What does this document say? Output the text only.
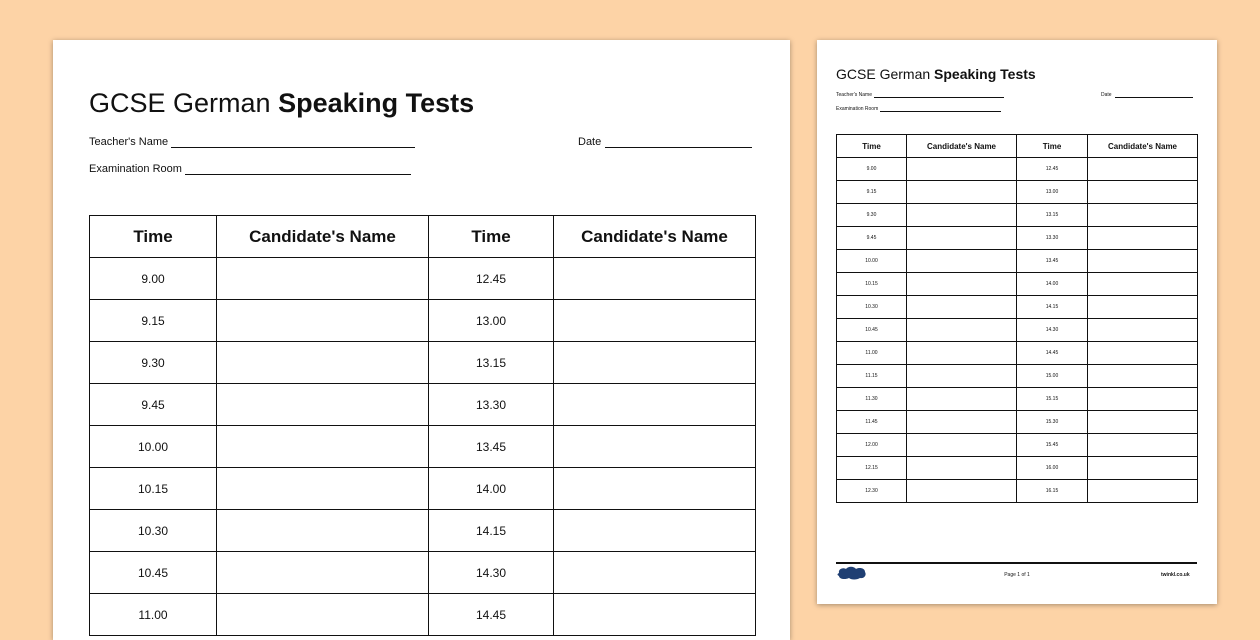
GCSE German Speaking Tests
Teacher's Name	Date
Examination Room
Time	Candidate's Name	Time	Candidate's Name
9.00		12.45	
9.15		13.00	
9.30		13.15	
9.45		13.30	
10.00		13.45	
10.15		14.00	
10.30		14.15	
10.45		14.30	
11.00		14.45	
GCSE German Speaking Tests
Teacher's Name	Date
Examination Room
Time	Candidate's Name	Time	Candidate's Name
9.00		12.45	
9.15		13.00	
9.30		13.15	
9.45		13.30	
10.00		13.45	
10.15		14.00	
10.30		14.15	
10.45		14.30	
11.00		14.45	
11.15		15.00	
11.30		15.15	
11.45		15.30	
12.00		15.45	
12.15		16.00	
12.30		16.15	
Page 1 of 1	twinkl.co.uk
